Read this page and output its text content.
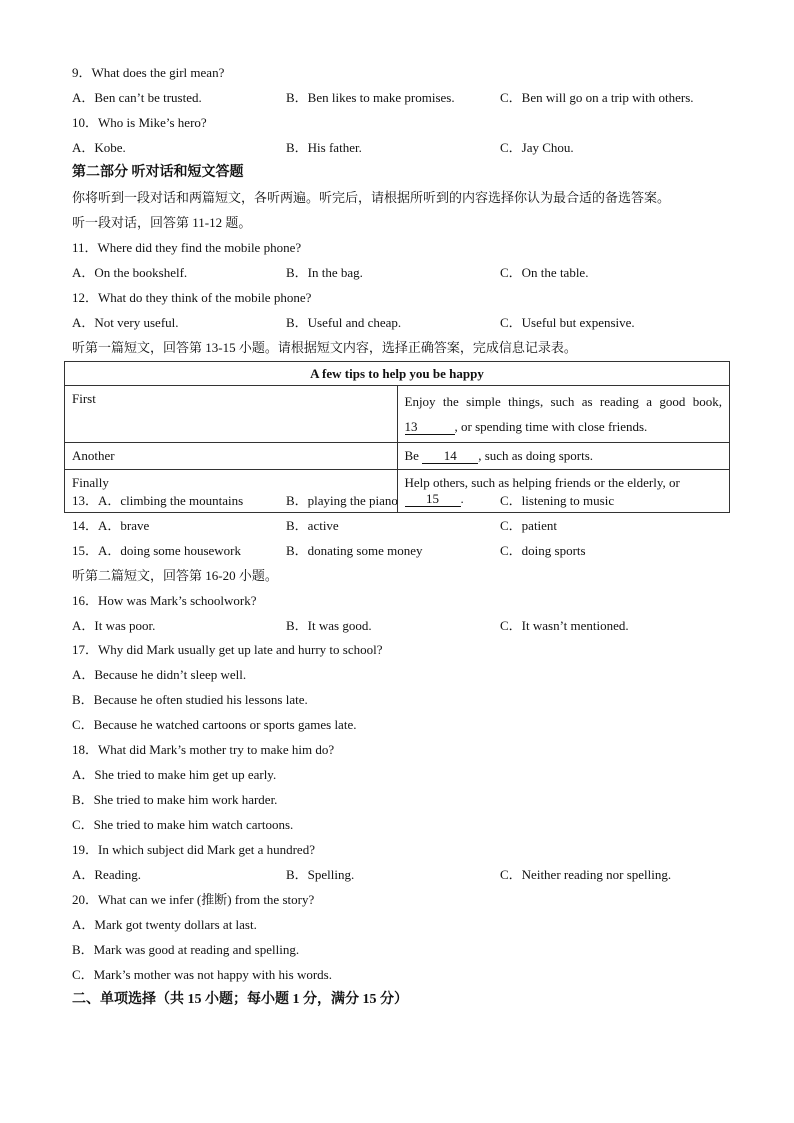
9．What does the girl mean?
A．Ben can’t be trusted.	B．Ben likes to make promises.	C．Ben will go on a trip with others.
10．Who is Mike’s hero?
A．Kobe.	B．His father.	C．Jay Chou.
第二部分 听对话和短文答题
你将听到一段对话和两篇短文，各听两遍。听完后，请根据所听到的内容选择你认为最合适的备选答案。
听一段对话，回答第 11-12 题。
11．Where did they find the mobile phone?
A．On the bookshelf.	B．In the bag.	C．On the table.
12．What do they think of the mobile phone?
A．Not very useful.	B．Useful and cheap.	C．Useful but expensive.
听第一篇短文，回答第 13-15 小题。请根据短文内容，选择正确答案，完成信息记录表。
A few tips to help you be happy	
First	Enjoy the simple things, such as reading a good book, 13 , or spending time with close friends.
Another	Be 14 , such as doing sports.
Finally	Help others, such as helping friends or the elderly, or 15 .
13．A．climbing the mountains	B．playing the piano	C．listening to music
14．A．brave	B．active	C．patient
15．A．doing some housework	B．donating some money	C．doing sports
听第二篇短文，回答第 16-20 小题。
16．How was Mark’s schoolwork?
A．It was poor.	B．It was good.	C．It wasn’t mentioned.
17．Why did Mark usually get up late and hurry to school?
A．Because he didn’t sleep well.
B．Because he often studied his lessons late.
C．Because he watched cartoons or sports games late.
18．What did Mark’s mother try to make him do?
A．She tried to make him get up early.
B．She tried to make him work harder.
C．She tried to make him watch cartoons.
19．In which subject did Mark get a hundred?
A．Reading.	B．Spelling.	C．Neither reading nor spelling.
20．What can we infer (推断) from the story?
A．Mark got twenty dollars at last.
B．Mark was good at reading and spelling.
C．Mark’s mother was not happy with his words.
二、单项选择（共 15 小题；每小题 1 分，满分 15 分）
